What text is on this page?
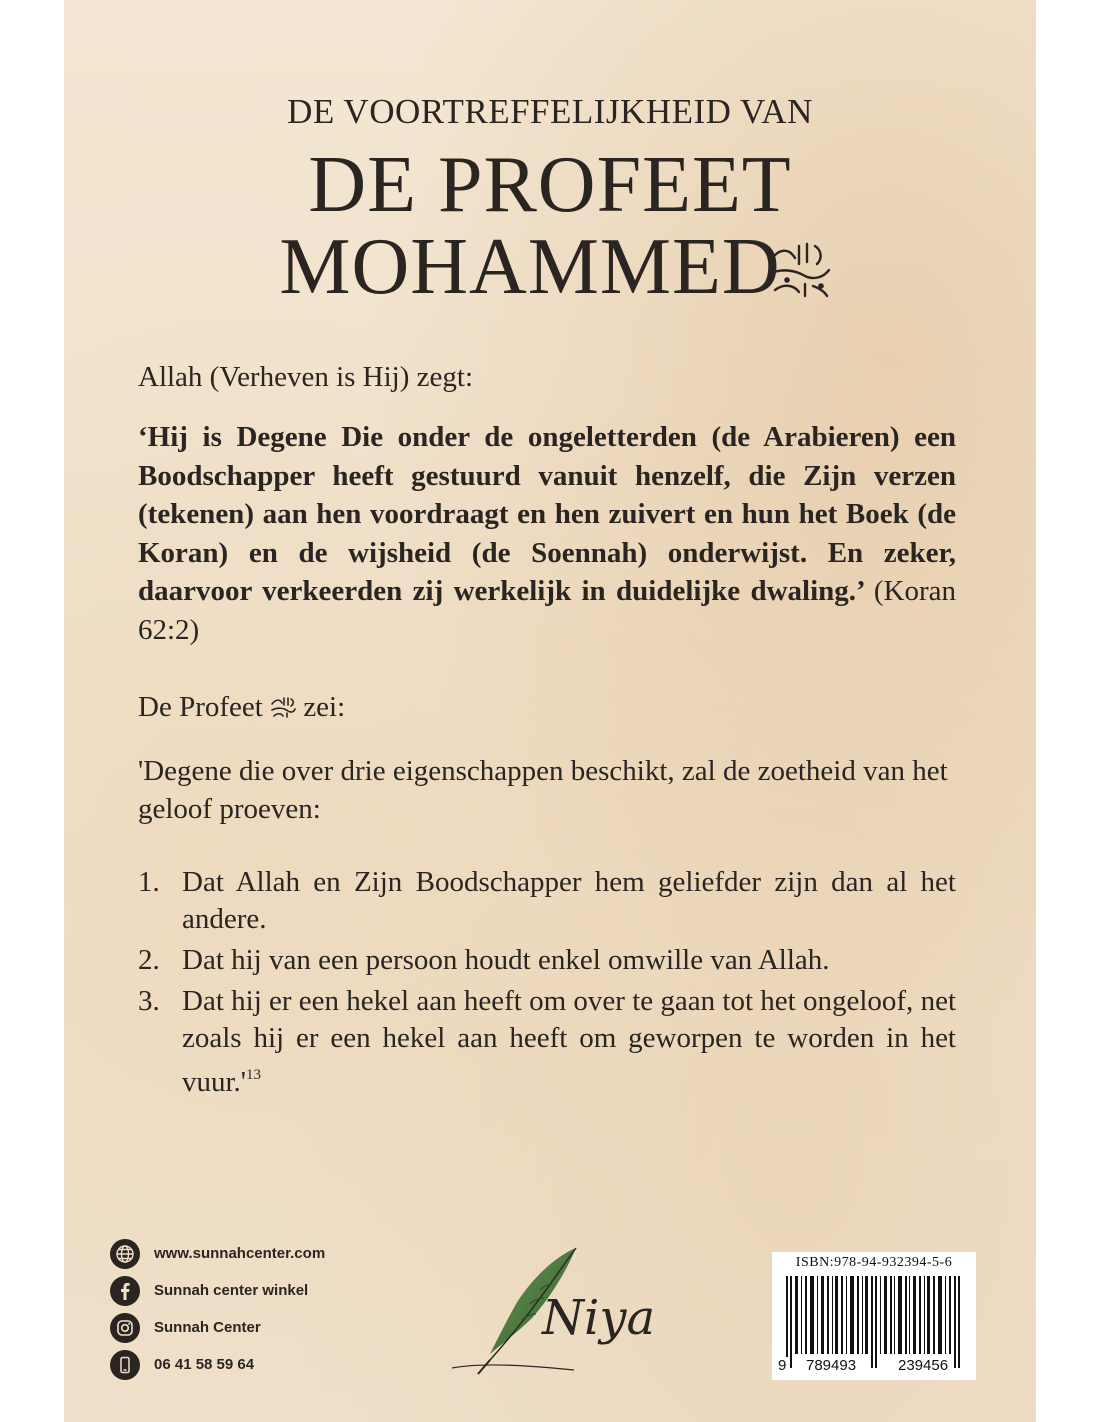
DE VOORTREFFELIJKHEID VAN
DE PROFEET
MOHAMMED
Allah (Verheven is Hij) zegt:
‘Hij is Degene Die onder de ongeletterden (de Arabieren) een Boodschapper heeft gestuurd vanuit henzelf, die Zijn verzen (tekenen) aan hen voordraagt en hen zuivert en hun het Boek (de Koran) en de wijsheid (de Soennah) onderwijst. En zeker, daarvoor verkeerden zij werkelijk in duidelijke dwaling.’ (Koran 62:2)
De Profeet zei:
'Degene die over drie eigenschappen beschikt, zal de zoetheid van het geloof proeven:
1. Dat Allah en Zijn Boodschapper hem geliefder zijn dan al het andere.
2. Dat hij van een persoon houdt enkel omwille van Allah.
3. Dat hij er een hekel aan heeft om over te gaan tot het ongeloof, net zoals hij er een hekel aan heeft om geworpen te worden in het $vuur.'^{13}$
www.sunnahcenter.com
Sunnah center winkel
Sunnah Center
06 41 58 59 64
Niya
ISBN:978-94-932394-5-6
9 789493	239456
